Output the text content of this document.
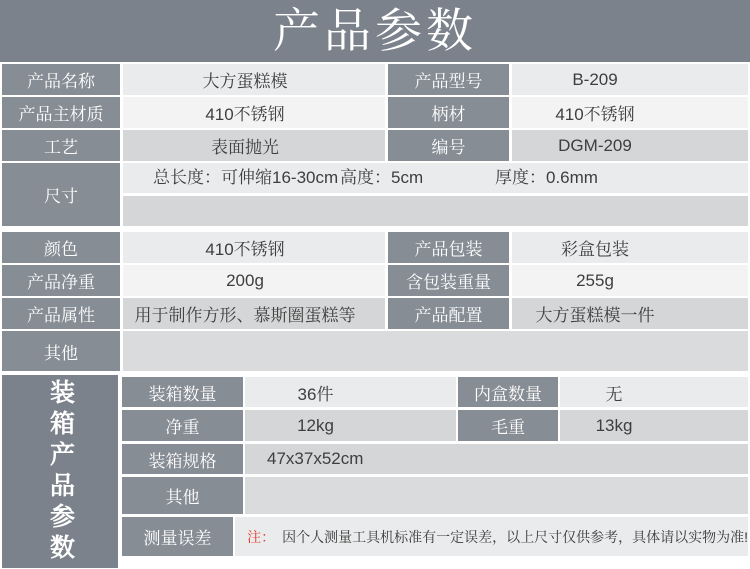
产品参数
产品名称	大方蛋糕模	产品型号	B-209
产品主材质	410不锈钢	柄材	410不锈钢
工艺	表面抛光	编号	DGM-209
尺寸
总长度：可伸缩16-30cm 高度：5cm	厚度：0.6mm
颜色	410不锈钢	产品包装	彩盒包装
产品净重	200g	含包装重量	255g
产品属性	用于制作方形、慕斯圈蛋糕等	产品配置	大方蛋糕模一件
其他
装箱产品参数	装箱数量	36件	内盒数量	无
净重	12kg	毛重	13kg
装箱规格	47x37x52cm
其他
测量误差	注： 因个人测量工具机标准有一定误差，以上尺寸仅供参考，具体请以实物为准!
